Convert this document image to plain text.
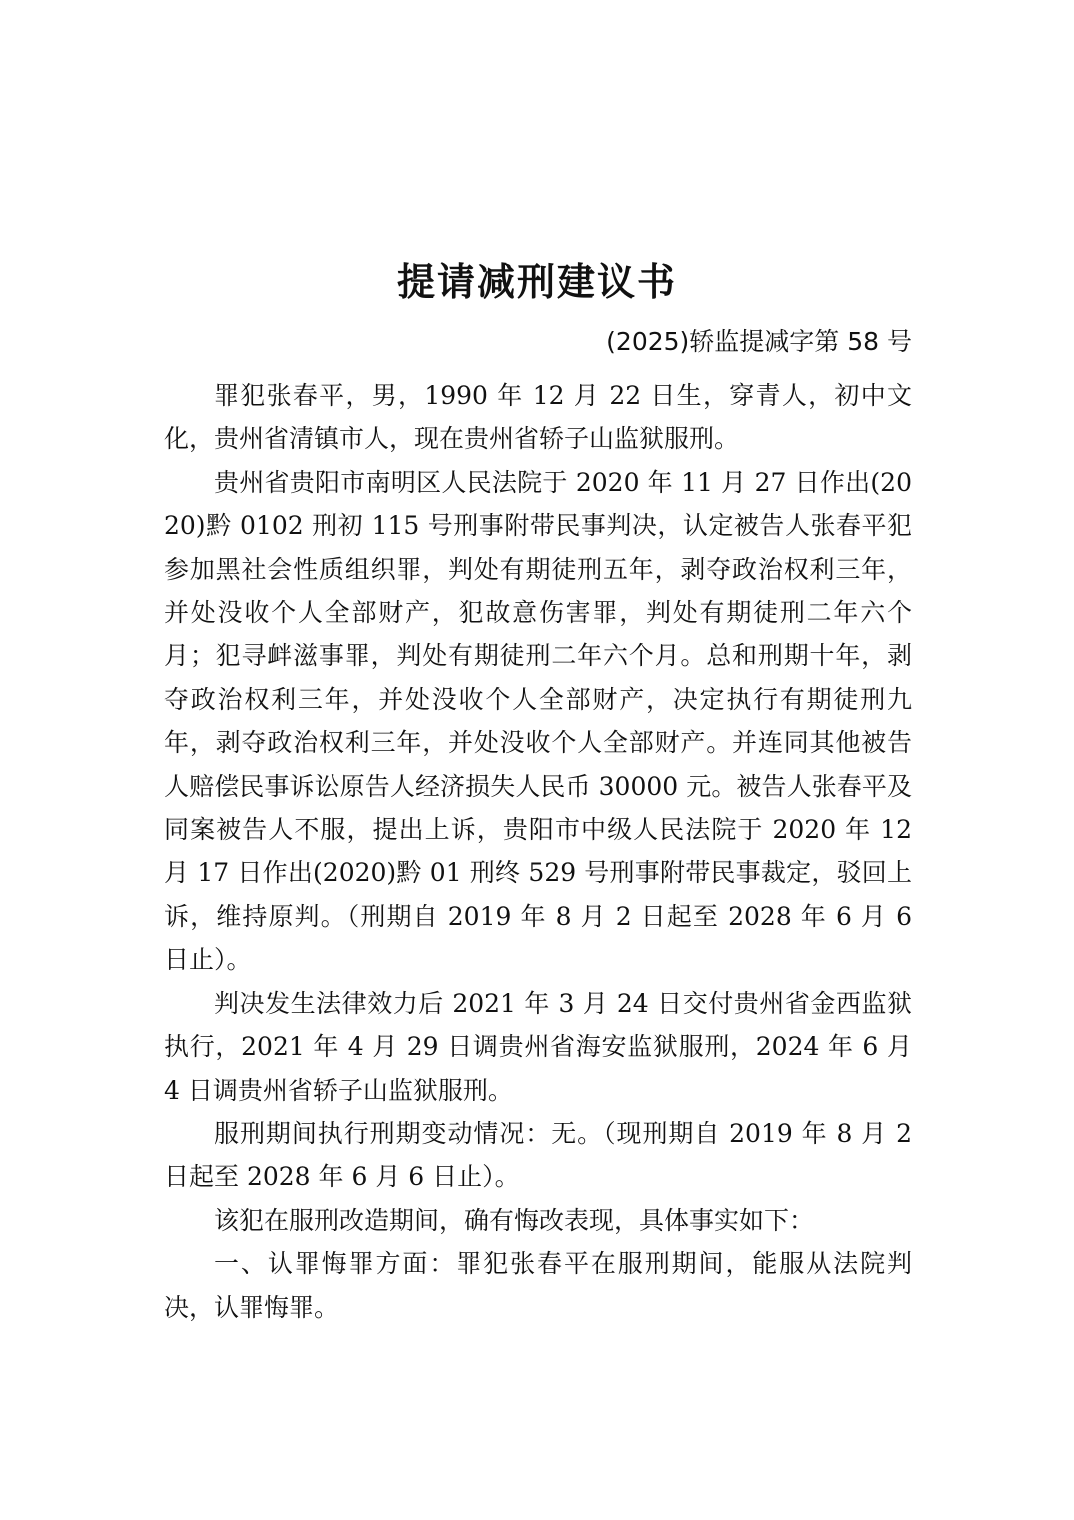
提请减刑建议书
(2025)轿监提减字第 58 号

罪犯张春平，男，1990 年 12 月 22 日生，穿青人，初中文化，贵州省清镇市人，现在贵州省轿子山监狱服刑。

贵州省贵阳市南明区人民法院于 2020 年 11 月 27 日作出(2020)黔 0102 刑初 115 号刑事附带民事判决，认定被告人张春平犯参加黑社会性质组织罪，判处有期徒刑五年，剥夺政治权利三年，并处没收个人全部财产，犯故意伤害罪，判处有期徒刑二年六个月；犯寻衅滋事罪，判处有期徒刑二年六个月。总和刑期十年，剥夺政治权利三年，并处没收个人全部财产，决定执行有期徒刑九年，剥夺政治权利三年，并处没收个人全部财产。并连同其他被告人赔偿民事诉讼原告人经济损失人民币 30000 元。被告人张春平及同案被告人不服，提出上诉，贵阳市中级人民法院于 2020 年 12 月 17 日作出(2020)黔 01 刑终 529 号刑事附带民事裁定，驳回上诉，维持原判。（刑期自 2019 年 8 月 2 日起至 2028 年 6 月 6 日止）。

判决发生法律效力后 2021 年 3 月 24 日交付贵州省金西监狱执行，2021 年 4 月 29 日调贵州省海安监狱服刑，2024 年 6 月 4 日调贵州省轿子山监狱服刑。

服刑期间执行刑期变动情况：无。（现刑期自 2019 年 8 月 2 日起至 2028 年 6 月 6 日止）。

该犯在服刑改造期间，确有悔改表现，具体事实如下：

一、认罪悔罪方面：罪犯张春平在服刑期间，能服从法院判决，认罪悔罪。
